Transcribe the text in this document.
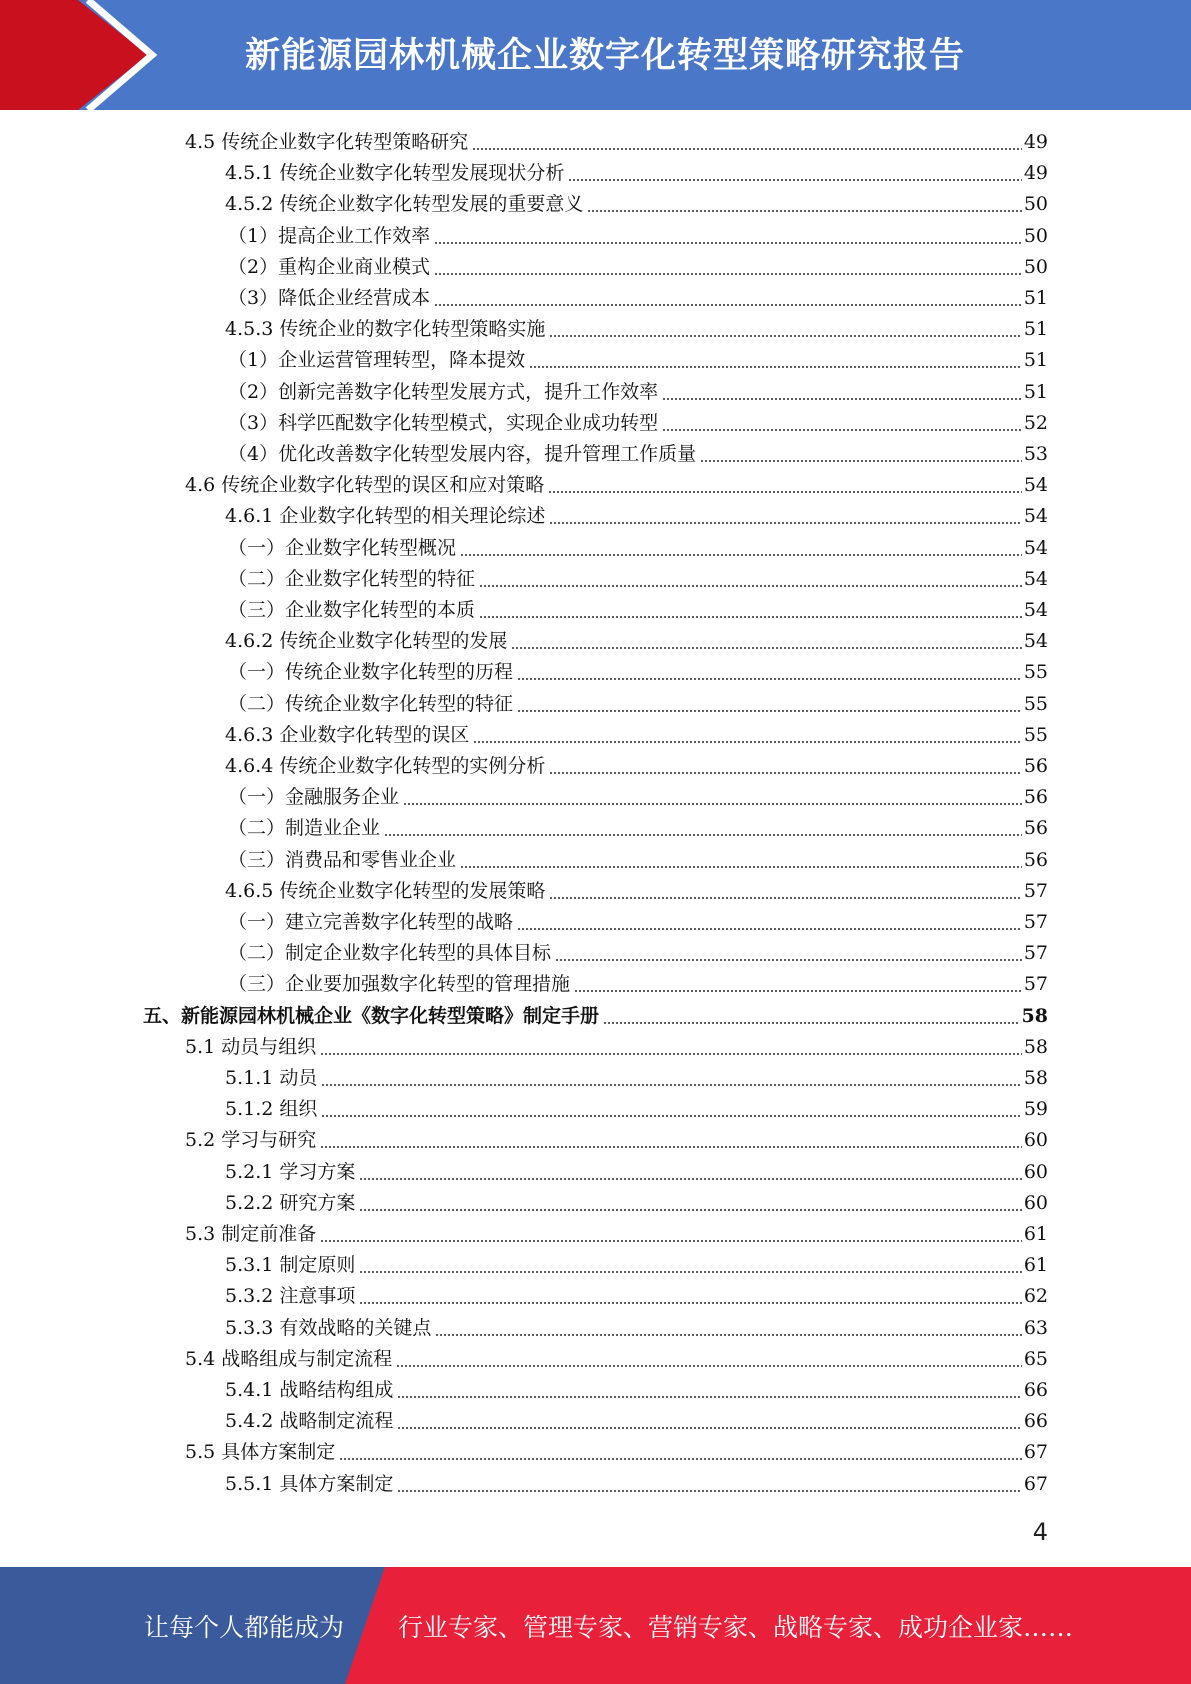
新能源园林机械企业数字化转型策略研究报告
4.5 传统企业数字化转型策略研究	49
4.5.1 传统企业数字化转型发展现状分析	49
4.5.2 传统企业数字化转型发展的重要意义	50
（1）提高企业工作效率	50
（2）重构企业商业模式	50
（3）降低企业经营成本	51
4.5.3 传统企业的数字化转型策略实施	51
（1）企业运营管理转型，降本提效	51
（2）创新完善数字化转型发展方式，提升工作效率	51
（3）科学匹配数字化转型模式，实现企业成功转型	52
（4）优化改善数字化转型发展内容，提升管理工作质量	53
4.6 传统企业数字化转型的误区和应对策略	54
4.6.1 企业数字化转型的相关理论综述	54
（一）企业数字化转型概况	54
（二）企业数字化转型的特征	54
（三）企业数字化转型的本质	54
4.6.2 传统企业数字化转型的发展	54
（一）传统企业数字化转型的历程	55
（二）传统企业数字化转型的特征	55
4.6.3 企业数字化转型的误区	55
4.6.4 传统企业数字化转型的实例分析	56
（一）金融服务企业	56
（二）制造业企业	56
（三）消费品和零售业企业	56
4.6.5 传统企业数字化转型的发展策略	57
（一）建立完善数字化转型的战略	57
（二）制定企业数字化转型的具体目标	57
（三）企业要加强数字化转型的管理措施	57
五、新能源园林机械企业《数字化转型策略》制定手册	58
5.1 动员与组织	58
5.1.1 动员	58
5.1.2 组织	59
5.2 学习与研究	60
5.2.1 学习方案	60
5.2.2 研究方案	60
5.3 制定前准备	61
5.3.1 制定原则	61
5.3.2 注意事项	62
5.3.3 有效战略的关键点	63
5.4 战略组成与制定流程	65
5.4.1 战略结构组成	66
5.4.2 战略制定流程	66
5.5 具体方案制定	67
5.5.1 具体方案制定	67
4
让每个人都能成为 行业专家、管理专家、营销专家、战略专家、成功企业家……
